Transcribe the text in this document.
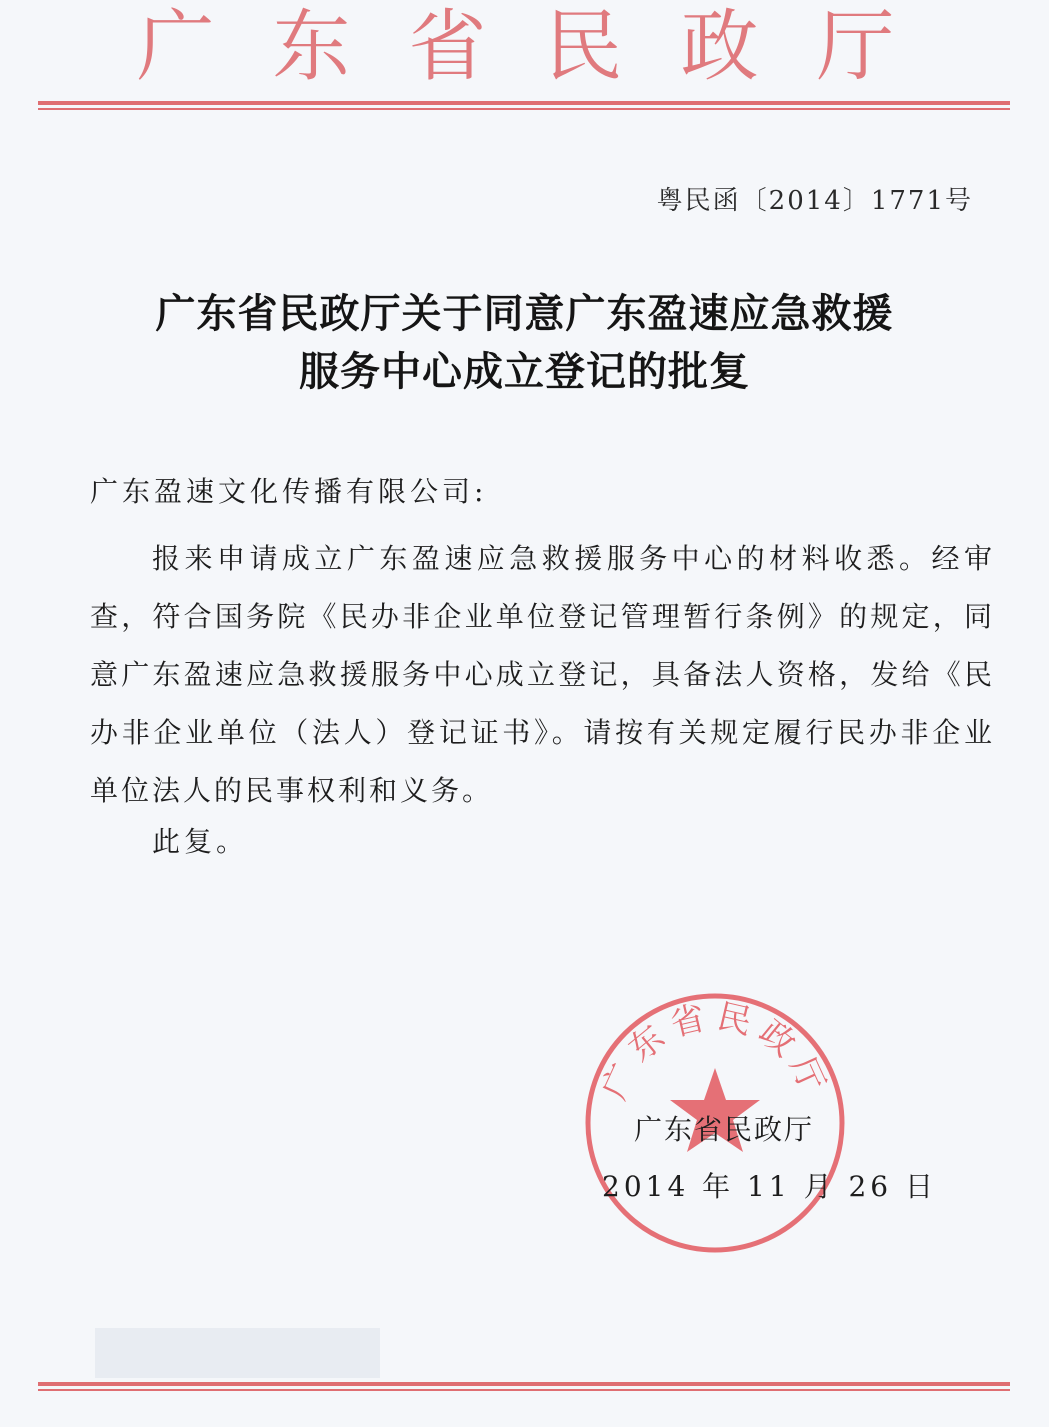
广东省民政厅
粤民函〔2014〕1771号
广东省民政厅关于同意广东盈速应急救援
服务中心成立登记的批复
广东盈速文化传播有限公司:
报来申请成立广东盈速应急救援服务中心的材料收悉。经审查，符合国务院《民办非企业单位登记管理暂行条例》的规定，同意广东盈速应急救援服务中心成立登记，具备法人资格，发给《民办非企业单位（法人）登记证书》。请按有关规定履行民办非企业单位法人的民事权利和义务。
此复。
广东省民政厅
广东省民政厅
2014 年 11 月 26 日
